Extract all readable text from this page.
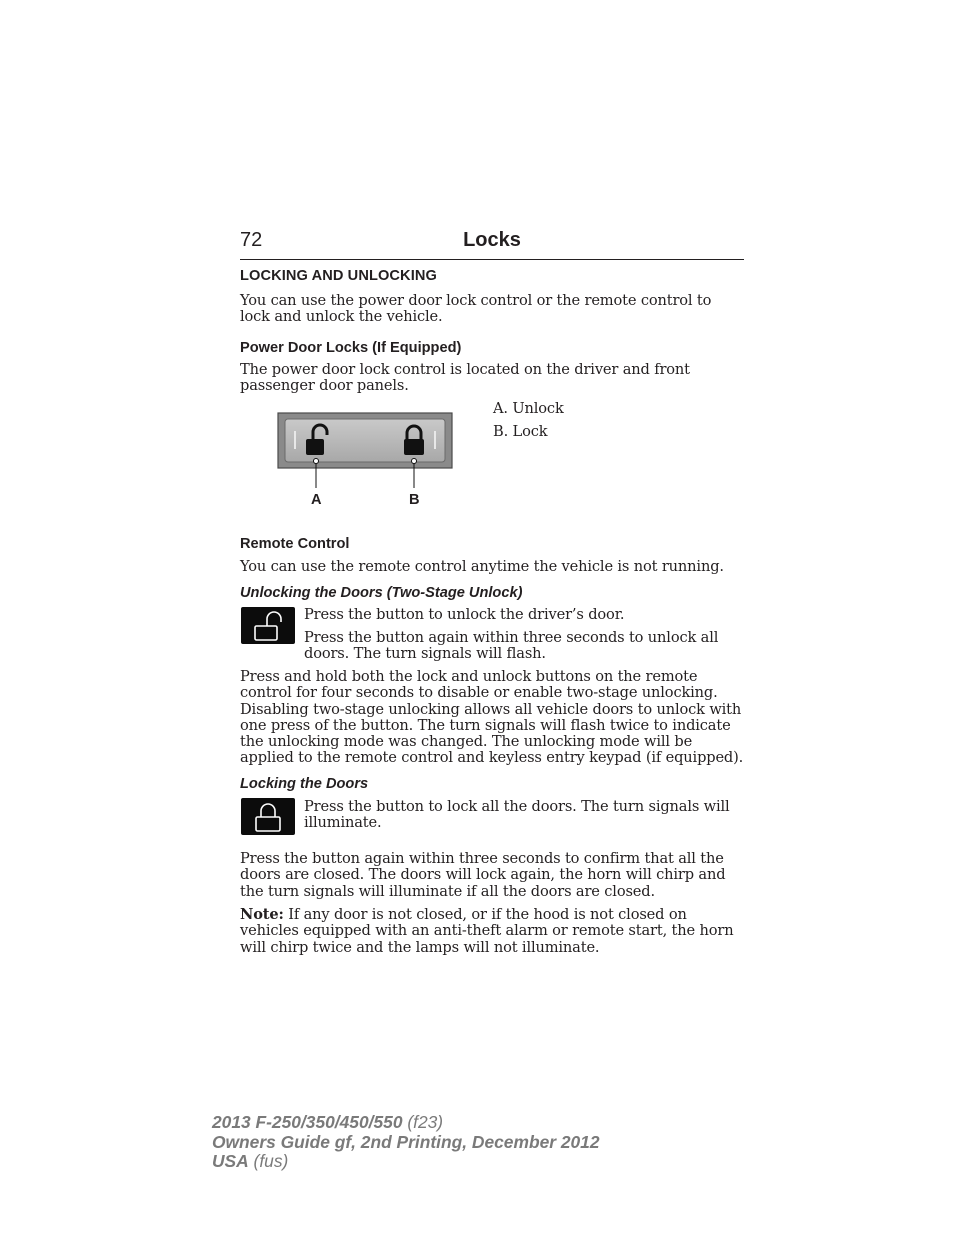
72	Locks
LOCKING AND UNLOCKING

You can use the power door lock control or the remote control to lock and unlock the vehicle.

Power Door Locks (If Equipped)

The power door lock control is located on the driver and front passenger door panels.

A	B
A. Unlock
B. Lock
Remote Control

You can use the remote control anytime the vehicle is not running.

Unlocking the Doors (Two-Stage Unlock)

Press the button to unlock the driver’s door.

Press the button again within three seconds to unlock all doors. The turn signals will flash.

Press and hold both the lock and unlock buttons on the remote control for four seconds to disable or enable two-stage unlocking. Disabling two-stage unlocking allows all vehicle doors to unlock with one press of the button. The turn signals will flash twice to indicate the unlocking mode was changed. The unlocking mode will be applied to the remote control and keyless entry keypad (if equipped).

Locking the Doors

Press the button to lock all the doors. The turn signals will illuminate.

Press the button again within three seconds to confirm that all the doors are closed. The doors will lock again, the horn will chirp and the turn signals will illuminate if all the doors are closed.

Note: If any door is not closed, or if the hood is not closed on vehicles equipped with an anti-theft alarm or remote start, the horn will chirp twice and the lamps will not illuminate.

2013 F-250/350/450/550 (f23)
Owners Guide gf, 2nd Printing, December 2012
USA (fus)
